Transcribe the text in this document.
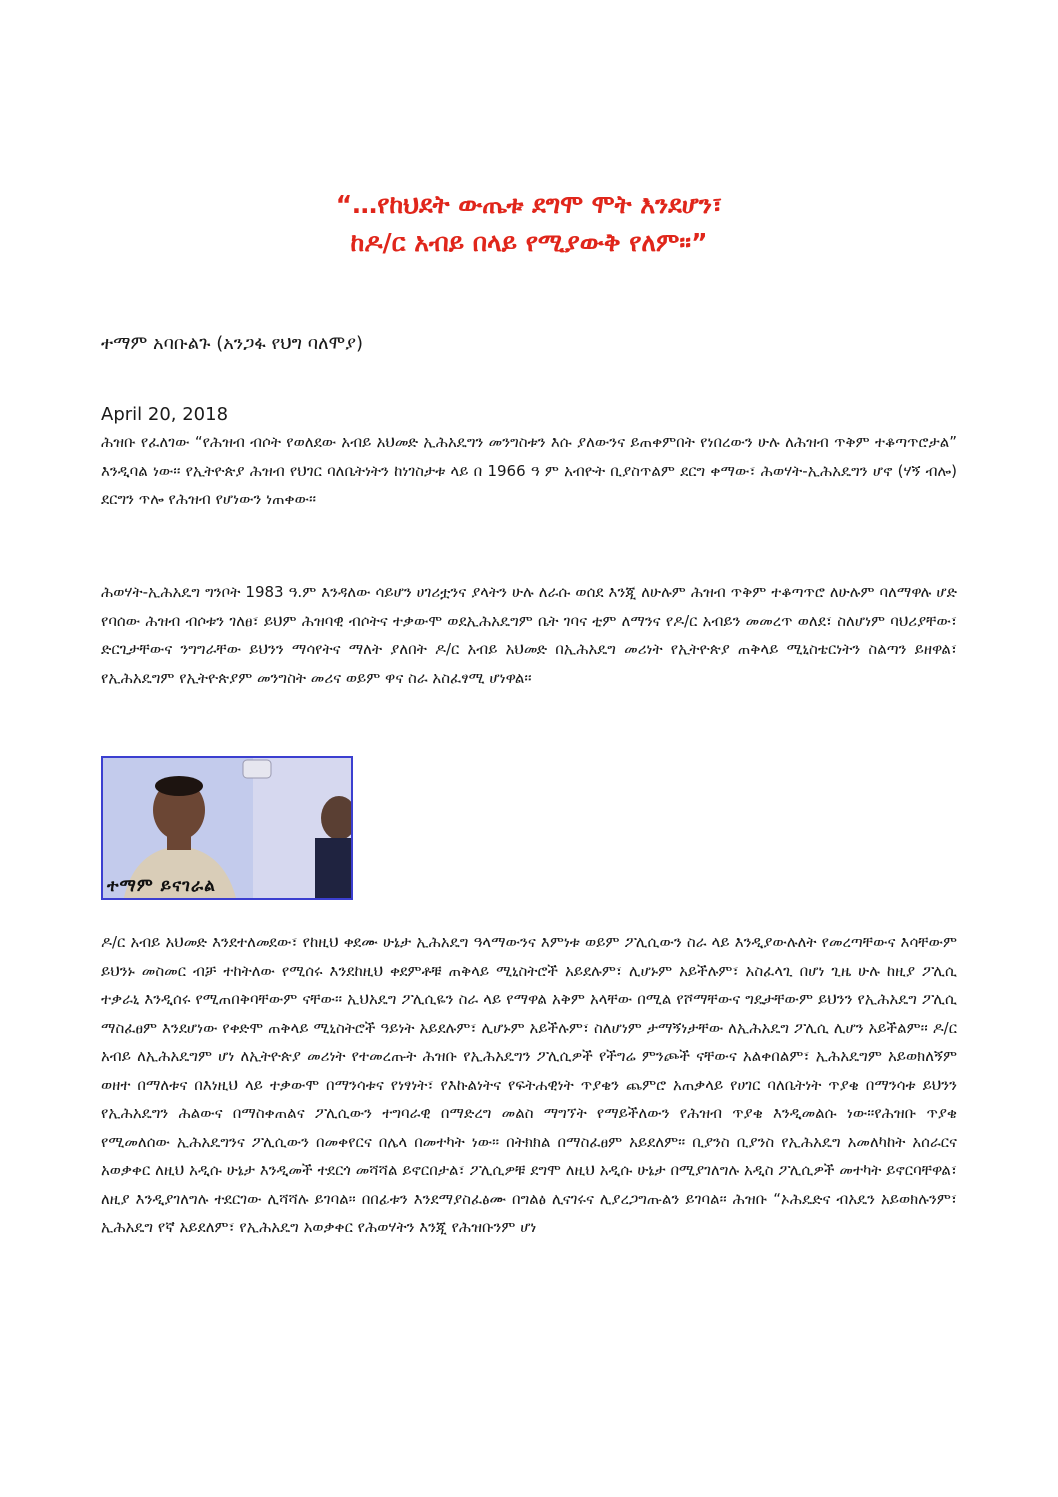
“…የከህደት ውጤቱ ደግሞ ሞት እንደሆን፣
ከዶ/ር አብይ በላይ የሚያውቅ የለም።”
ተማም አባቡልጉ (አንጋፋ የህግ ባለሞያ)
April 20, 2018
ሕዝቡ የፈለገው “የሕዝብ ብሶት የወለደው አብይ አህመድ ኢሕአዴግን መንግስቱን እሱ ያለውንና ይጠቀምበት የነበረውን ሁሉ ለሕዝብ ጥቅም ተቆጣጥሮታል” እንዲባል ነው፡፡ የኢትዮጵያ ሕዝብ የህገር ባለቤትነትን ከነገስታቱ ላይ በ 1966 ዓ ም አብዮት ቢያስጥልም ደርግ ቀማው፣ ሕወሃት-ኢሕአዴግን ሆኖ (ሃኝ ብሎ) ደርግን ጥሎ የሕዝብ የሆነውን ነጠቀው፡፡
ሕወሃት-ኢሕአዴግ ግንቦት 1983 ዓ.ም እንዳለው ሳይሆን ሀገሪቷንና ያላትን ሁሉ ለራሱ ወሰደ እንጂ ለሁሉም ሕዝብ ጥቅም ተቆጣጥሮ ለሁሉም ባለማዋሉ ሆድ የባሰው ሕዝብ ብሶቱን ገለፀ፣ ይህም ሕዝባዊ ብሶትና ተቃውሞ ወደኢሕአዴግም ቤት ገባና ቲም ለማንና የዶ/ር አብይን መመረጥ ወለደ፣ ስለሆነም ባህሪያቸው፣ ድርጊታቸውና ንግግራቸው ይህንን ማሳየትና ማለት ያለበት ዶ/ር አብይ አህመድ በኢሕአዴግ መሪነት የኢትዮጵያ ጠቅላይ ሚኒስቴርነትን ስልጣን ይዘዋል፣ የኢሕአዴግም የኢትዮጵያም መንግስት መሪና ወይም ዋና ስራ አስፈፃሚ ሆነዋል፡፡
ተማም ይናገራል
ዶ/ር አብይ አህመድ እንደተለመደው፣ የከዚህ ቀደሙ ሁኔታ ኢሕአዴግ ዓላማውንና እምነቱ ወይም ፖሊሲውን ስራ ላይ እንዲያውሉለት የመረጣቸውና እሳቸውም ይህንኑ መስመር ብቻ ተከትለው የሚሰሩ እንደከዚህ ቀደምቶቹ ጠቅላይ ሚኒስትሮች አይደሉም፣ ሊሆኑም አይችሉም፣ አስፈላጊ በሆነ ጊዜ ሁሉ ከዚያ ፖሊሲ ተቃራኒ እንዲሰሩ የሚጠበቅባቸውም ናቸው፡፡ ኢህአዴግ ፖሊሲዬን ስራ ላይ የማዋል አቅም አላቸው በሚል የሾማቸውና ግዴታቸውም ይህንን የኢሕአዴግ ፖሊሲ ማስፈፀም እንደሆነው የቀድሞ ጠቅላይ ሚኒስትሮች ዓይነት አይደሉም፣ ሊሆኑም አይችሉም፣ ስለሆነም ታማኝነታቸው ለኢሕአዴግ ፖሊሲ ሊሆን አይችልም፡፡ ዶ/ር አብይ ለኢሕአዴግም ሆነ ለኢትዮጵያ መሪነት የተመረጡት ሕዝቡ የኢሕአዴግን ፖሊሲዎች የችግሬ ምንጮች ናቸውና አልቀበልም፣ ኢሕአዴግም አይወክለኝም ወዘተ በማለቱና በእነዚህ ላይ ተቃውሞ በማንሳቱና የነፃነት፣ የእኩልነትና የፍትሐዊነት ጥያቄን ጨምሮ አጠቃላይ የሀገር ባለቤትነት ጥያቄ በማንሳቱ ይህንን የኢሕአዴግን ሕልውና በማስቀጠልና ፖሊሲውን ተግባራዊ በማድረግ መልስ ማግኘት የማይችለውን የሕዝብ ጥያቄ እንዲመልሱ ነው፡፡የሕዝቡ ጥያቄ የሚመለሰው ኢሕአዴግንና ፖሊሲውን በመቀየርና በሌላ በመተካት ነው። በትክክል በማስፈፀም አይደለም፡፡ ቢያንስ ቢያንስ የኢሕአዴግ አመለካከት አሰራርና አወቃቀር ለዚህ አዲሱ ሁኔታ እንዲመች ተደርጎ መሻሻል ይኖርበታል፣ ፖሊሲዎቹ ደግሞ ለዚህ አዲሱ ሁኔታ በሚያገለግሉ አዲስ ፖሊሲዎች መተካት ይኖርባቸዋል፣ ለዚያ እንዲያገለግሉ ተደርገው ሊሻሻሉ ይገባል። በበፊቱን እንደማያስፈፅሙ በግልፅ ሊናገሩና ሊያረጋግጡልን ይገባል፡፡ ሕዝቡ “ኦሕዴድና ብአዴን አይወክሉንም፣ ኢሕአዴግ የኛ አይደለም፣ የኢሕአዴግ አወቃቀር የሕወሃትን እንጂ የሕዝቡንም ሆነ
